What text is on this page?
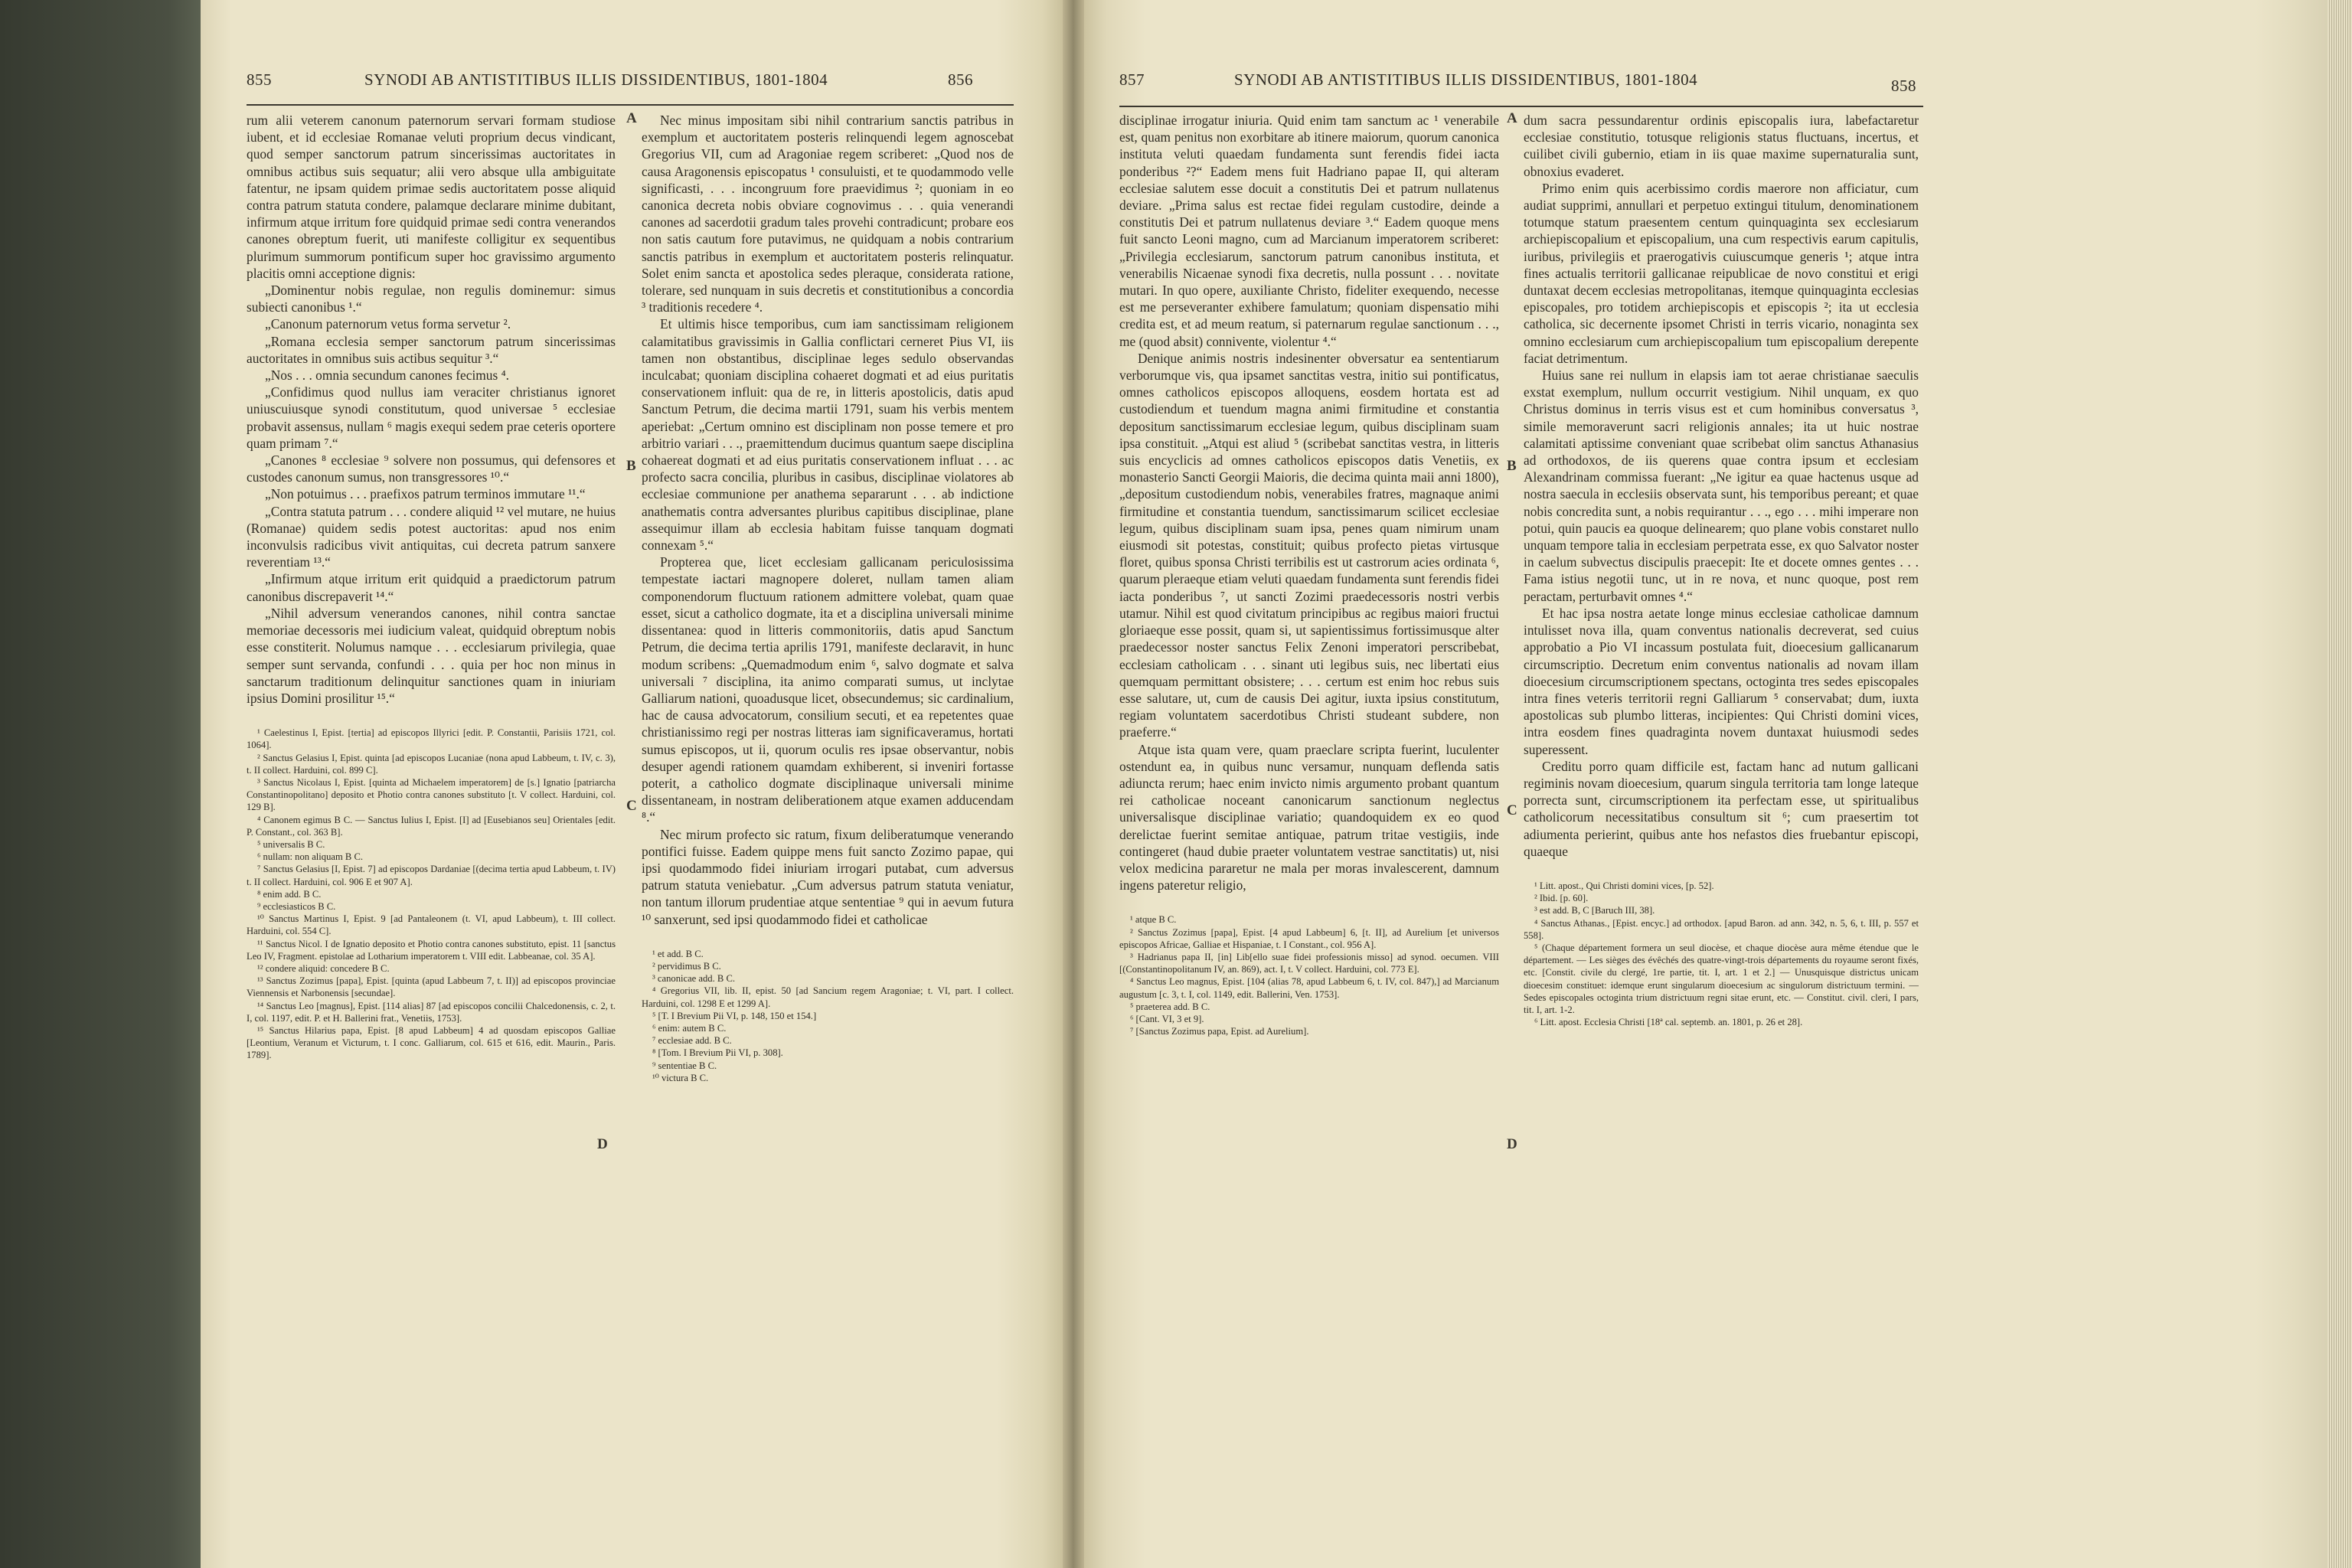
855	SYNODI AB ANTISTITIBUS ILLIS DISSIDENTIBUS, 1801-1804	856	857	SYNODI AB ANTISTITIBUS ILLIS DISSIDENTIBUS, 1801-1804	858
A
B
C
D
A
B
C
D

rum alii veterem canonum paternorum servari formam studiose iubent, et id ecclesiae Romanae veluti proprium decus vindicant, quod semper sanctorum patrum sincerissimas auctoritates in omnibus actibus suis sequatur; alii vero absque ulla ambiguitate fatentur, ne ipsam quidem primae sedis auctoritatem posse aliquid contra patrum statuta condere, palamque declarare minime dubitant, infirmum atque irritum fore quidquid primae sedi contra venerandos canones obreptum fuerit, uti manifeste colligitur ex sequentibus plurimum summorum pontificum super hoc gravissimo argumento placitis omni acceptione dignis:

„Dominentur nobis regulae, non regulis dominemur: simus subiecti canonibus ¹.“

„Canonum paternorum vetus forma servetur ².

„Romana ecclesia semper sanctorum patrum sincerissimas auctoritates in omnibus suis actibus sequitur ³.“

„Nos . . . omnia secundum canones fecimus ⁴.

„Confidimus quod nullus iam veraciter christianus ignoret uniuscuiusque synodi constitutum, quod universae ⁵ ecclesiae probavit assensus, nullam ⁶ magis exequi sedem prae ceteris oportere quam primam ⁷.“

„Canones ⁸ ecclesiae ⁹ solvere non possumus, qui defensores et custodes canonum sumus, non transgressores ¹⁰.“

„Non potuimus . . . praefixos patrum terminos immutare ¹¹.“

„Contra statuta patrum . . . condere aliquid ¹² vel mutare, ne huius (Romanae) quidem sedis potest auctoritas: apud nos enim inconvulsis radicibus vivit antiquitas, cui decreta patrum sanxere reverentiam ¹³.“

„Infirmum atque irritum erit quidquid a praedictorum patrum canonibus discrepaverit ¹⁴.“

„Nihil adversum venerandos canones, nihil contra sanctae memoriae decessoris mei iudicium valeat, quidquid obreptum nobis esse constiterit. Nolumus namque . . . ecclesiarum privilegia, quae semper sunt servanda, confundi . . . quia per hoc non minus in sanctarum traditionum delinquitur sanctiones quam in iniuriam ipsius Domini prosilitur ¹⁵.“

¹ Caelestinus I, Epist. [tertia] ad episcopos Illyrici [edit. P. Constantii, Parisiis 1721, col. 1064].

² Sanctus Gelasius I, Epist. quinta [ad episcopos Lucaniae (nona apud Labbeum, t. IV, c. 3), t. II collect. Harduini, col. 899 C].

³ Sanctus Nicolaus I, Epist. [quinta ad Michaelem imperatorem] de [s.] Ignatio [patriarcha Constantinopolitano] deposito et Photio contra canones substituto [t. V collect. Harduini, col. 129 B].

⁴ Canonem egimus B C. — Sanctus Iulius I, Epist. [I] ad [Eusebianos seu] Orientales [edit. P. Constant., col. 363 B].

⁵ universalis B C.

⁶ nullam: non aliquam B C.

⁷ Sanctus Gelasius [I, Epist. 7] ad episcopos Dardaniae [(decima tertia apud Labbeum, t. IV) t. II collect. Harduini, col. 906 E et 907 A].

⁸ enim add. B C.

⁹ ecclesiasticos B C.

¹⁰ Sanctus Martinus I, Epist. 9 [ad Pantaleonem (t. VI, apud Labbeum), t. III collect. Harduini, col. 554 C].

¹¹ Sanctus Nicol. I de Ignatio deposito et Photio contra canones substituto, epist. 11 [sanctus Leo IV, Fragment. epistolae ad Lotharium imperatorem t. VIII edit. Labbeanae, col. 35 A].

¹² condere aliquid: concedere B C.

¹³ Sanctus Zozimus [papa], Epist. [quinta (apud Labbeum 7, t. II)] ad episcopos provinciae Viennensis et Narbonensis [secundae].

¹⁴ Sanctus Leo [magnus], Epist. [114 alias] 87 [ad episcopos concilii Chalcedonensis, c. 2, t. I, col. 1197, edit. P. et H. Ballerini frat., Venetiis, 1753].

¹⁵ Sanctus Hilarius papa, Epist. [8 apud Labbeum] 4 ad quosdam episcopos Galliae [Leontium, Veranum et Victurum, t. I conc. Galliarum, col. 615 et 616, edit. Maurin., Paris. 1789].

Nec minus impositam sibi nihil contrarium sanctis patribus in exemplum et auctoritatem posteris relinquendi legem agnoscebat Gregorius VII, cum ad Aragoniae regem scriberet: „Quod nos de causa Aragonensis episcopatus ¹ consuluisti, et te quodammodo velle significasti, . . . incongruum fore praevidimus ²; quoniam in eo canonica decreta nobis obviare cognovimus . . . quia venerandi canones ad sacerdotii gradum tales provehi contradicunt; probare eos non satis cautum fore putavimus, ne quidquam a nobis contrarium sanctis patribus in exemplum et auctoritatem posteris relinquatur. Solet enim sancta et apostolica sedes pleraque, considerata ratione, tolerare, sed nunquam in suis decretis et constitutionibus a concordia ³ traditionis recedere ⁴.

Et ultimis hisce temporibus, cum iam sanctissimam religionem calamitatibus gravissimis in Gallia conflictari cerneret Pius VI, iis tamen non obstantibus, disciplinae leges sedulo observandas inculcabat; quoniam disciplina cohaeret dogmati et ad eius puritatis conservationem influit: qua de re, in litteris apostolicis, datis apud Sanctum Petrum, die decima martii 1791, suam his verbis mentem aperiebat: „Certum omnino est disciplinam non posse temere et pro arbitrio variari . . ., praemittendum ducimus quantum saepe disciplina cohaereat dogmati et ad eius puritatis conservationem influat . . . ac profecto sacra concilia, pluribus in casibus, disciplinae violatores ab ecclesiae communione per anathema separarunt . . . ab indictione anathematis contra adversantes pluribus capitibus disciplinae, plane assequimur illam ab ecclesia habitam fuisse tanquam dogmati connexam ⁵.“

Propterea que, licet ecclesiam gallicanam periculosissima tempestate iactari magnopere doleret, nullam tamen aliam componendorum fluctuum rationem admittere volebat, quam quae esset, sicut a catholico dogmate, ita et a disciplina universali minime dissentanea: quod in litteris commonitoriis, datis apud Sanctum Petrum, die decima tertia aprilis 1791, manifeste declaravit, in hunc modum scribens: „Quemadmodum enim ⁶, salvo dogmate et salva universali ⁷ disciplina, ita animo comparati sumus, ut inclytae Galliarum nationi, quoadusque licet, obsecundemus; sic cardinalium, hac de causa advocatorum, consilium secuti, et ea repetentes quae christianissimo regi per nostras litteras iam significaveramus, hortati sumus episcopos, ut ii, quorum oculis res ipsae observantur, nobis desuper agendi rationem quamdam exhiberent, si inveniri fortasse poterit, a catholico dogmate disciplinaque universali minime dissentaneam, in nostram deliberationem atque examen adducendam ⁸.“

Nec mirum profecto sic ratum, fixum deliberatumque venerando pontifici fuisse. Eadem quippe mens fuit sancto Zozimo papae, qui ipsi quodammodo fidei iniuriam irrogari putabat, cum adversus patrum statuta veniebatur. „Cum adversus patrum statuta veniatur, non tantum illorum prudentiae atque sententiae ⁹ qui in aevum futura ¹⁰ sanxerunt, sed ipsi quodammodo fidei et catholicae

¹ et add. B C.

² pervidimus B C.

³ canonicae add. B C.

⁴ Gregorius VII, lib. II, epist. 50 [ad Sancium regem Aragoniae; t. VI, part. I collect. Harduini, col. 1298 E et 1299 A].

⁵ [T. I Brevium Pii VI, p. 148, 150 et 154.]

⁶ enim: autem B C.

⁷ ecclesiae add. B C.

⁸ [Tom. I Brevium Pii VI, p. 308].

⁹ sententiae B C.

¹⁰ victura B C.

disciplinae irrogatur iniuria. Quid enim tam sanctum ac ¹ venerabile est, quam penitus non exorbitare ab itinere maiorum, quorum canonica instituta veluti quaedam fundamenta sunt ferendis fidei iacta ponderibus ²?“ Eadem mens fuit Hadriano papae II, qui alteram ecclesiae salutem esse docuit a constitutis Dei et patrum nullatenus deviare. „Prima salus est rectae fidei regulam custodire, deinde a constitutis Dei et patrum nullatenus deviare ³.“ Eadem quoque mens fuit sancto Leoni magno, cum ad Marcianum imperatorem scriberet: „Privilegia ecclesiarum, sanctorum patrum canonibus instituta, et venerabilis Nicaenae synodi fixa decretis, nulla possunt . . . novitate mutari. In quo opere, auxiliante Christo, fideliter exequendo, necesse est me perseveranter exhibere famulatum; quoniam dispensatio mihi credita est, et ad meum reatum, si paternarum regulae sanctionum . . ., me (quod absit) connivente, violentur ⁴.“

Denique animis nostris indesinenter obversatur ea sententiarum verborumque vis, qua ipsamet sanctitas vestra, initio sui pontificatus, omnes catholicos episcopos alloquens, eosdem hortata est ad custodiendum et tuendum magna animi firmitudine et constantia depositum sanctissimarum ecclesiae legum, quibus disciplinam suam ipsa constituit. „Atqui est aliud ⁵ (scribebat sanctitas vestra, in litteris suis encyclicis ad omnes catholicos episcopos datis Venetiis, ex monasterio Sancti Georgii Maioris, die decima quinta maii anni 1800), „depositum custodiendum nobis, venerabiles fratres, magnaque animi firmitudine et constantia tuendum, sanctissimarum scilicet ecclesiae legum, quibus disciplinam suam ipsa, penes quam nimirum unam eiusmodi sit potestas, constituit; quibus profecto pietas virtusque floret, quibus sponsa Christi terribilis est ut castrorum acies ordinata ⁶, quarum pleraeque etiam veluti quaedam fundamenta sunt ferendis fidei iacta ponderibus ⁷, ut sancti Zozimi praedecessoris nostri verbis utamur. Nihil est quod civitatum principibus ac regibus maiori fructui gloriaeque esse possit, quam si, ut sapientissimus fortissimusque alter praedecessor noster sanctus Felix Zenoni imperatori perscribebat, ecclesiam catholicam . . . sinant uti legibus suis, nec libertati eius quemquam permittant obsistere; . . . certum est enim hoc rebus suis esse salutare, ut, cum de causis Dei agitur, iuxta ipsius constitutum, regiam voluntatem sacerdotibus Christi studeant subdere, non praeferre.“

Atque ista quam vere, quam praeclare scripta fuerint, luculenter ostendunt ea, in quibus nunc versamur, nunquam deflenda satis adiuncta rerum; haec enim invicto nimis argumento probant quantum rei catholicae noceant canonicarum sanctionum neglectus universalisque disciplinae variatio; quandoquidem ex eo quod derelictae fuerint semitae antiquae, patrum tritae vestigiis, inde contingeret (haud dubie praeter voluntatem vestrae sanctitatis) ut, nisi velox medicina pararetur ne mala per moras invalescerent, damnum ingens pateretur religio,

¹ atque B C.

² Sanctus Zozimus [papa], Epist. [4 apud Labbeum] 6, [t. II], ad Aurelium [et universos episcopos Africae, Galliae et Hispaniae, t. I Constant., col. 956 A].

³ Hadrianus papa II, [in] Lib[ello suae fidei professionis misso] ad synod. oecumen. VIII [(Constantinopolitanum IV, an. 869), act. I, t. V collect. Harduini, col. 773 E].

⁴ Sanctus Leo magnus, Epist. [104 (alias 78, apud Labbeum 6, t. IV, col. 847),] ad Marcianum augustum [c. 3, t. I, col. 1149, edit. Ballerini, Ven. 1753].

⁵ praeterea add. B C.

⁶ [Cant. VI, 3 et 9].

⁷ [Sanctus Zozimus papa, Epist. ad Aurelium].

dum sacra pessundarentur ordinis episcopalis iura, labefactaretur ecclesiae constitutio, totusque religionis status fluctuans, incertus, et cuilibet civili gubernio, etiam in iis quae maxime supernaturalia sunt, obnoxius evaderet.

Primo enim quis acerbissimo cordis maerore non afficiatur, cum audiat supprimi, annullari et perpetuo extingui titulum, denominationem totumque statum praesentem centum quinquaginta sex ecclesiarum archiepiscopalium et episcopalium, una cum respectivis earum capitulis, iuribus, privilegiis et praerogativis cuiuscumque generis ¹; atque intra fines actualis territorii gallicanae reipublicae de novo constitui et erigi duntaxat decem ecclesias metropolitanas, itemque quinquaginta ecclesias episcopales, pro totidem archiepiscopis et episcopis ²; ita ut ecclesia catholica, sic decernente ipsomet Christi in terris vicario, nonaginta sex omnino ecclesiarum cum archiepiscopalium tum episcopalium derepente faciat detrimentum.

Huius sane rei nullum in elapsis iam tot aerae christianae saeculis exstat exemplum, nullum occurrit vestigium. Nihil unquam, ex quo Christus dominus in terris visus est et cum hominibus conversatus ³, simile memoraverunt sacri religionis annales; ita ut huic nostrae calamitati aptissime conveniant quae scribebat olim sanctus Athanasius ad orthodoxos, de iis querens quae contra ipsum et ecclesiam Alexandrinam commissa fuerant: „Ne igitur ea quae hactenus usque ad nostra saecula in ecclesiis observata sunt, his temporibus pereant; et quae nobis concredita sunt, a nobis requirantur . . ., ego . . . mihi imperare non potui, quin paucis ea quoque delinearem; quo plane vobis constaret nullo unquam tempore talia in ecclesiam perpetrata esse, ex quo Salvator noster in caelum subvectus discipulis praecepit: Ite et docete omnes gentes . . . Fama istius negotii tunc, ut in re nova, et nunc quoque, post rem peractam, perturbavit omnes ⁴.“

Et hac ipsa nostra aetate longe minus ecclesiae catholicae damnum intulisset nova illa, quam conventus nationalis decreverat, sed cuius approbatio a Pio VI incassum postulata fuit, dioecesium gallicanarum circumscriptio. Decretum enim conventus nationalis ad novam illam dioecesium circumscriptionem spectans, octoginta tres sedes episcopales intra fines veteris territorii regni Galliarum ⁵ conservabat; dum, iuxta apostolicas sub plumbo litteras, incipientes: Qui Christi domini vices, intra eosdem fines quadraginta novem duntaxat huiusmodi sedes superessent.

Creditu porro quam difficile est, factam hanc ad nutum gallicani regiminis novam dioecesium, quarum singula territoria tam longe lateque porrecta sunt, circumscriptionem ita perfectam esse, ut spiritualibus catholicorum necessitatibus consultum sit ⁶; cum praesertim tot adiumenta perierint, quibus ante hos nefastos dies fruebantur episcopi, quaeque

¹ Litt. apost., Qui Christi domini vices, [p. 52].

² Ibid. [p. 60].

³ est add. B, C [Baruch III, 38].

⁴ Sanctus Athanas., [Epist. encyc.] ad orthodox. [apud Baron. ad ann. 342, n. 5, 6, t. III, p. 557 et 558].

⁵ (Chaque département formera un seul diocèse, et chaque diocèse aura même étendue que le département. — Les sièges des évêchés des quatre-vingt-trois départements du royaume seront fixés, etc. [Constit. civile du clergé, 1re partie, tit. I, art. 1 et 2.] — Unusquisque districtus unicam dioecesim constituet: idemque erunt singularum dioecesium ac singulorum districtuum termini. — Sedes episcopales octoginta trium districtuum regni sitae erunt, etc. — Constitut. civil. cleri, I pars, tit. I, art. 1-2.

⁶ Litt. apost. Ecclesia Christi [18ª cal. septemb. an. 1801, p. 26 et 28].
